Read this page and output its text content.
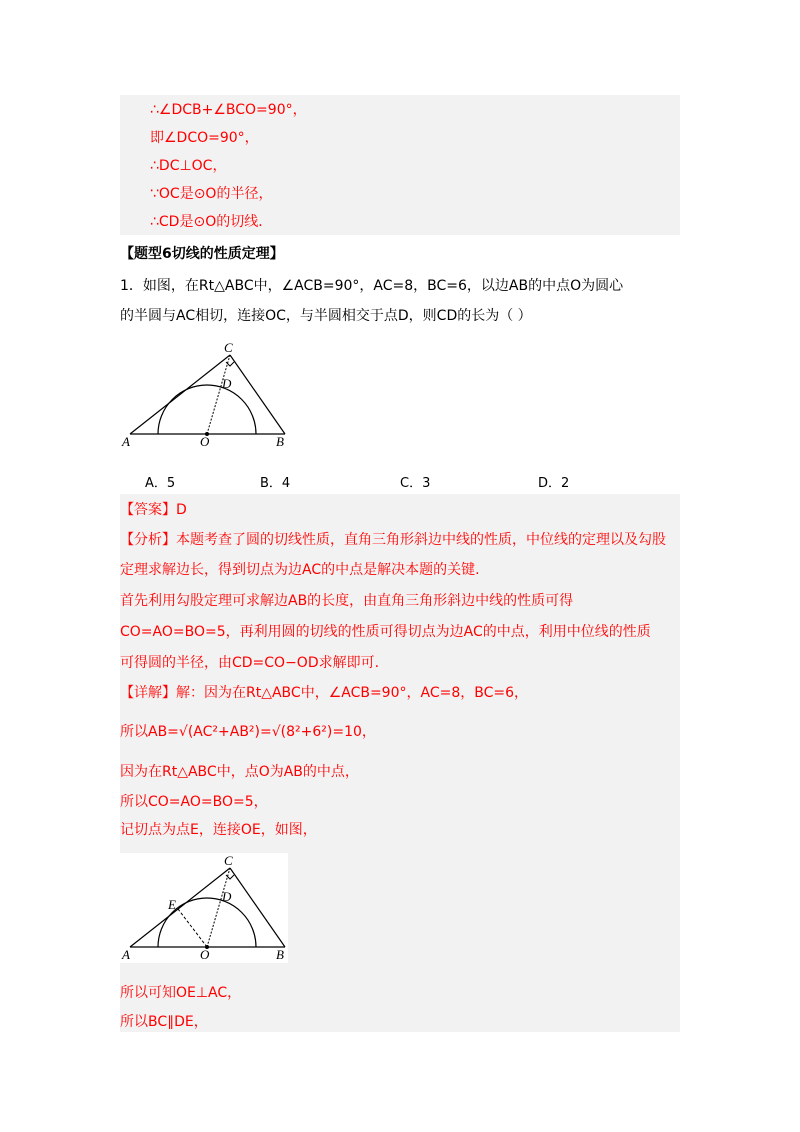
∴∠DCB+∠BCO=90°，
即∠DCO=90°，
∴DC⊥OC，
∵OC是⊙O的半径，
∴CD是⊙O的切线．
【题型6切线的性质定理】
1．如图，在Rt△ABC中，∠ACB=90°，AC=8，BC=6，以边AB的中点O为圆心
的半圆与AC相切，连接OC，与半圆相交于点D，则CD的长为（ ）
A	B
C
D
O
A．5	B．4	C．3	D．2
【答案】D
【分析】本题考查了圆的切线性质，直角三角形斜边中线的性质，中位线的定理以及勾股
定理求解边长，得到切点为边AC的中点是解决本题的关键.
首先利用勾股定理可求解边AB的长度，由直角三角形斜边中线的性质可得
CO=AO=BO=5，再利用圆的切线的性质可得切点为边AC的中点，利用中位线的性质
可得圆的半径，由CD=CO−OD求解即可.
【详解】解：因为在Rt△ABC中，∠ACB=90°，AC=8，BC=6，
所以AB=√(AC²+AB²)=√(8²+6²)=10，
因为在Rt△ABC中，点O为AB的中点，
所以CO=AO=BO=5，
记切点为点E，连接OE，如图，
A	B
C
D
E
O
所以可知OE⊥AC，
所以BC∥DE，
